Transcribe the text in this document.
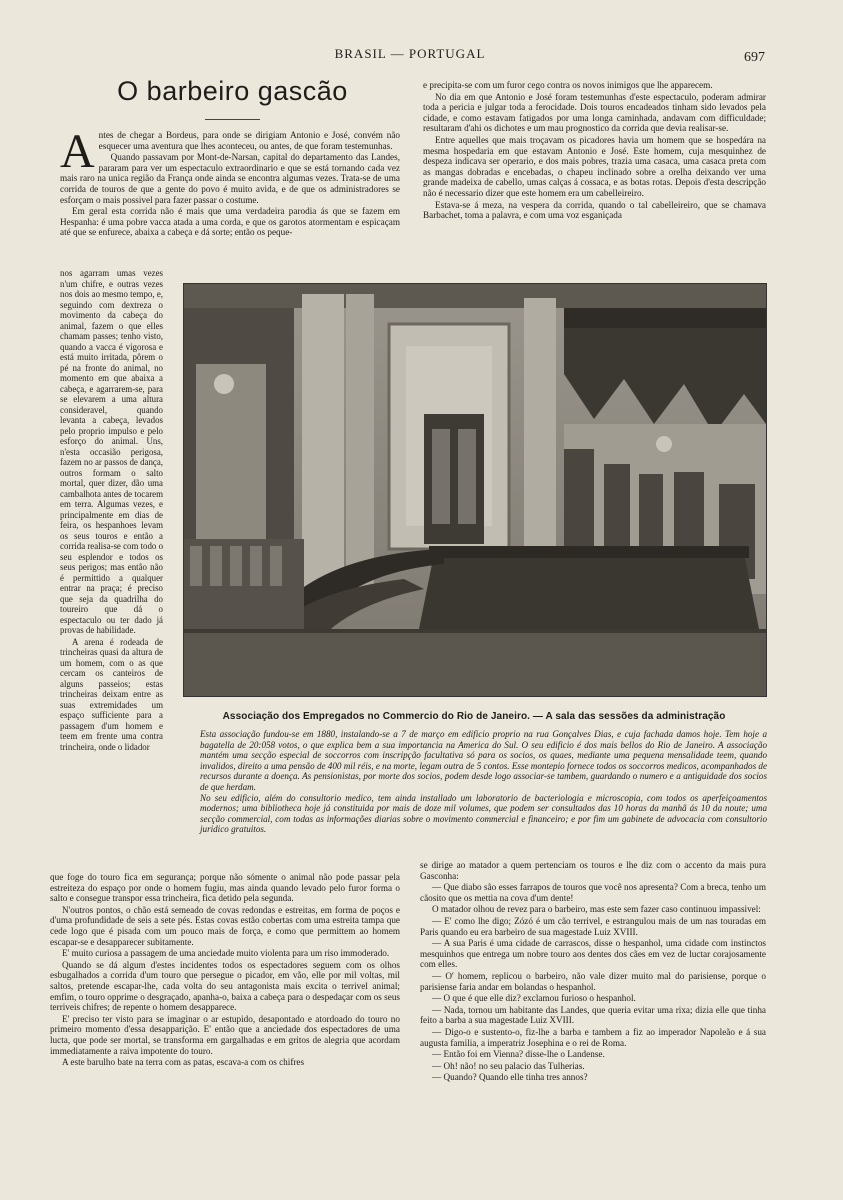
BRASIL — PORTUGAL	697
O barbeiro gascão

Antes de chegar a Bordeus, para onde se dirigiam Antonio e José, convém não esquecer uma aventura que lhes aconteceu, ou antes, de que foram testemunhas.

Quando passavam por Mont-de-Narsan, capital do departamento das Landes, pararam para ver um espectaculo extraordinario e que se está tornando cada vez mais raro na unica região da França onde ainda se encontra algumas vezes. Trata-se de uma corrida de touros de que a gente do povo é muito avida, e de que os administradores se esforçam o mais possivel para fazer passar o costume.

Em geral esta corrida não é mais que uma verdadeira parodia ás que se fazem em Hespanha: é uma pobre vacca atada a uma corda, e que os garotos atormentam e espicaçam até que se enfurece, abaixa a cabeça e dá sorte; então os peque-

e precipita-se com um furor cego contra os novos inimigos que lhe apparecem.

No dia em que Antonio e José foram testemunhas d'este espectaculo, poderam admirar toda a pericia e julgar toda a ferocidade. Dois touros encadeados tinham sido levados pela cidade, e como estavam fatigados por uma longa caminhada, andavam com difficuldade; resultaram d'ahi os dichotes e um mau prognostico da corrida que devia realisar-se.

Entre aquelles que mais troçavam os picadores havia um homem que se hospedára na mesma hospedaria em que estavam Antonio e José. Este homem, cuja mesquinhez de despeza indicava ser operario, e dos mais pobres, trazia uma casaca, uma casaca preta com as mangas dobradas e encebadas, o chapeu inclinado sobre a orelha deixando ver uma grande madeixa de cabello, umas calças á cossaca, e as botas rotas. Depois d'esta descripção não é necessario dizer que este homem era um cabelleireiro.

Estava-se á meza, na vespera da corrida, quando o tal cabelleireiro, que se chamava Barbachet, toma a palavra, e com uma voz esganiçada

nos agarram umas vezes n'um chifre, e outras vezes nos dois ao mesmo tempo, e, seguindo com dextreza o movimento da cabeça do animal, fazem o que elles chamam passes; tenho visto, quando a vacca é vigorosa e está muito irritada, pôrem o pé na fronte do animal, no momento em que abaixa a cabeça, e agarrarem-se, para se elevarem a uma altura consideravel, quando levanta a cabeça, levados pelo proprio impulso e pelo esforço do animal. Uns, n'esta occasião perigosa, fazem no ar passos de dança, outros formam o salto mortal, quer dizer, dão uma cambalhota antes de tocarem em terra. Algumas vezes, e principalmente em dias de feira, os hespanhoes levam os seus touros e então a corrida realisa-se com todo o seu esplendor e todos os seus perigos; mas então não é permittido a qualquer entrar na praça; é preciso que seja da quadrilha do toureiro que dá o espectaculo ou ter dado já provas de habilidade.

A arena é rodeada de trincheiras quasi da altura de um homem, com o as que cercam os canteiros de alguns passeios; estas trincheiras deixam entre as suas extremidades um espaço sufficiente para a passagem d'um homem e teem em frente uma contra trincheira, onde o lidador

Associação dos Empregados no Commercio do Rio de Janeiro. — A sala das sessões da administração

Esta associação fundou-se em 1880, instalando-se a 7 de março em edificio proprio na rua Gonçalves Dias, e cuja fachada damos hoje. Tem hoje a bagatella de 20:058 votos, o que explica bem a sua importancia na America do Sul. O seu edificio é dos mais bellos do Rio de Janeiro. A associação mantém uma secção especial de soccorros com inscripção facultativa só para os socios, os quaes, mediante uma pequena mensalidade teem, quando invalidos, direito a uma pensão de 400 mil réis, e na morte, legam outra de 5 contos. Esse montepio fornece todos os soccorros medicos, acompanhados de recursos durante a doença. As pensionistas, por morte dos socios, podem desde logo associar-se tambem, guardando o numero e a antiguidade dos socios de que herdam.

No seu edificio, além do consultorio medico, tem ainda installado um laboratorio de bacteriologia e microscopia, com todos os aperfeiçoamentos modernos; uma bibliotheca hoje já constituida por mais de doze mil volumes, que podem ser consultados das 10 horas da manhã ás 10 da noute; uma secção commercial, com todas as informações diarias sobre o movimento commercial e financeiro; e por fim um gabinete de advocacia com consultorio juridico gratuitos.

que foge do touro fica em segurança; porque não sómente o animal não pode passar pela estreiteza do espaço por onde o homem fugiu, mas ainda quando levado pelo furor forma o salto e consegue transpor essa trincheira, fica detido pela segunda.

N'outros pontos, o chão está semeado de covas redondas e estreitas, em forma de poços e d'uma profundidade de seis a sete pés. Estas covas estão cobertas com uma estreita tampa que cede logo que é pisada com um pouco mais de força, e como que permittem ao homem escapar-se e desapparecer subitamente.

E' muito curiosa a passagem de uma anciedade muito violenta para um riso immoderado.

Quando se dá algum d'estes incidentes todos os espectadores seguem com os olhos esbugalhados a corrida d'um touro que persegue o picador, em vão, elle por mil voltas, mil saltos, pretende escapar-lhe, cada volta do seu antagonista mais excita o terrivel animal; emfim, o touro opprime o desgraçado, apanha-o, baixa a cabeça para o despedaçar com os seus terriveis chifres; de repente o homem desapparece.

E' preciso ter visto para se imaginar o ar estupido, desapontado e atordoado do touro no primeiro momento d'essa desapparição. E' então que a anciedade dos espectadores de uma lucta, que pode ser mortal, se transforma em gargalhadas e em gritos de alegria que acordam immediatamente a raiva impotente do touro.

A este barulho bate na terra com as patas, escava-a com os chifres

se dirige ao matador a quem pertenciam os touros e lhe diz com o accento da mais pura Gasconha:

— Que diabo são esses farrapos de touros que você nos apresenta? Com a breca, tenho um cãosito que os mettia na cova d'um dente!

O matador olhou de revez para o barbeiro, mas este sem fazer caso continuou impassivel:

— E' como lhe digo; Zózó é um cão terrivel, e estrangulou mais de um nas touradas em Paris quando eu era barbeiro de sua magestade Luiz XVIII.

— A sua Paris é uma cidade de carrascos, disse o hespanhol, uma cidade com instinctos mesquinhos que entrega um nobre touro aos dentes dos cães em vez de luctar corajosamente com elles.

— O' homem, replicou o barbeiro, não vale dizer muito mal do parisiense, porque o parisiense faria andar em bolandas o hespanhol.

— O que é que elle diz? exclamou furioso o hespanhol.

— Nada, tornou um habitante das Landes, que queria evitar uma rixa; dizia elle que tinha feito a barba a sua magestade Luiz XVIII.

— Digo-o e sustento-o, fiz-lhe a barba e tambem a fiz ao imperador Napoleão e á sua augusta familia, a imperatriz Josephina e o rei de Roma.

— Então foi em Vienna? disse-lhe o Landense.

— Oh! não! no seu palacio das Tulherias.

— Quando? Quando elle tinha tres annos?
